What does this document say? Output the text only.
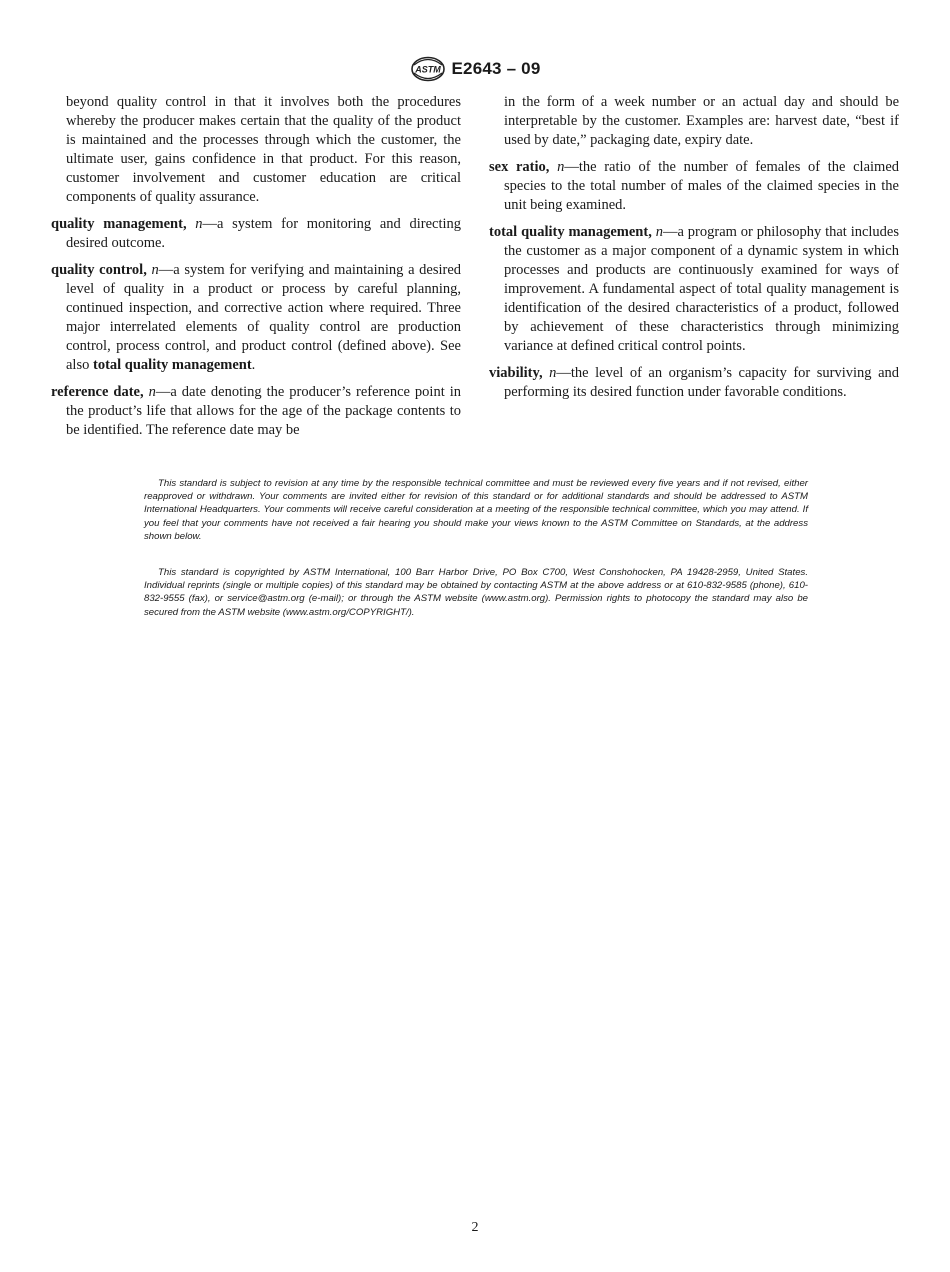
ASTM E2643 – 09

beyond quality control in that it involves both the procedures whereby the producer makes certain that the quality of the product is maintained and the processes through which the customer, the ultimate user, gains confidence in that product. For this reason, customer involvement and customer education are critical components of quality assurance.

quality management, n—a system for monitoring and directing desired outcome.

quality control, n—a system for verifying and maintaining a desired level of quality in a product or process by careful planning, continued inspection, and corrective action where required. Three major interrelated elements of quality control are production control, process control, and product control (defined above). See also total quality management.

reference date, n—a date denoting the producer’s reference point in the product’s life that allows for the age of the package contents to be identified. The reference date may be

in the form of a week number or an actual day and should be interpretable by the customer. Examples are: harvest date, “best if used by date,” packaging date, expiry date.

sex ratio, n—the ratio of the number of females of the claimed species to the total number of males of the claimed species in the unit being examined.

total quality management, n—a program or philosophy that includes the customer as a major component of a dynamic system in which processes and products are continuously examined for ways of improvement. A fundamental aspect of total quality management is identification of the desired characteristics of a product, followed by achievement of these characteristics through minimizing variance at defined critical control points.

viability, n—the level of an organism’s capacity for surviving and performing its desired function under favorable conditions.

This standard is subject to revision at any time by the responsible technical committee and must be reviewed every five years and if not revised, either reapproved or withdrawn. Your comments are invited either for revision of this standard or for additional standards and should be addressed to ASTM International Headquarters. Your comments will receive careful consideration at a meeting of the responsible technical committee, which you may attend. If you feel that your comments have not received a fair hearing you should make your views known to the ASTM Committee on Standards, at the address shown below.

This standard is copyrighted by ASTM International, 100 Barr Harbor Drive, PO Box C700, West Conshohocken, PA 19428-2959, United States. Individual reprints (single or multiple copies) of this standard may be obtained by contacting ASTM at the above address or at 610-832-9585 (phone), 610-832-9555 (fax), or service@astm.org (e-mail); or through the ASTM website (www.astm.org). Permission rights to photocopy the standard may also be secured from the ASTM website (www.astm.org/COPYRIGHT/).

2
